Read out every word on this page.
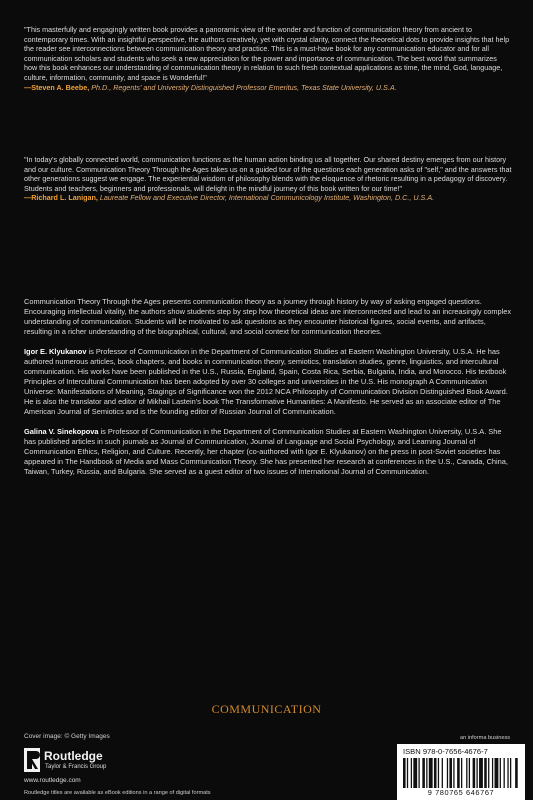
"This masterfully and engagingly written book provides a panoramic view of the wonder and function of communication theory from ancient to contemporary times. With an insightful perspective, the authors creatively, yet with crystal clarity, connect the theoretical dots to provide insights that help the reader see interconnections between communication theory and practice. This is a must-have book for any communication educator and for all communication scholars and students who seek a new appreciation for the power and importance of communication. The best word that summarizes how this book enhances our understanding of communication theory in relation to such fresh contextual applications as time, the mind, God, language, culture, information, community, and space is Wonderful!"
—Steven A. Beebe, Ph.D., Regents' and University Distinguished Professor Emeritus, Texas State University, U.S.A.

"In today's globally connected world, communication functions as the human action binding us all together. Our shared destiny emerges from our history and our culture. Communication Theory Through the Ages takes us on a guided tour of the questions each generation asks of "self," and the answers that other generations suggest we engage. The experiential wisdom of philosophy blends with the eloquence of rhetoric resulting in a pedagogy of discovery. Students and teachers, beginners and professionals, will delight in the mindful journey of this book written for our time!"
—Richard L. Lanigan, Laureate Fellow and Executive Director, International Communicology Institute, Washington, D.C., U.S.A.

Communication Theory Through the Ages presents communication theory as a journey through history by way of asking engaged questions. Encouraging intellectual vitality, the authors show students step by step how theoretical ideas are interconnected and lead to an increasingly complex understanding of communication. Students will be motivated to ask questions as they encounter historical figures, social events, and artifacts, resulting in a richer understanding of the biographical, cultural, and social context for communication theories.

Igor E. Klyukanov is Professor of Communication in the Department of Communication Studies at Eastern Washington University, U.S.A. He has authored numerous articles, book chapters, and books in communication theory, semiotics, translation studies, genre, linguistics, and intercultural communication. His works have been published in the U.S., Russia, England, Spain, Costa Rica, Serbia, Bulgaria, India, and Morocco. His textbook Principles of Intercultural Communication has been adopted by over 30 colleges and universities in the U.S. His monograph A Communication Universe: Manifestations of Meaning, Stagings of Significance won the 2012 NCA Philosophy of Communication Division Distinguished Book Award. He is also the translator and editor of Mikhail Lastein's book The Transformative Humanities: A Manifesto. He served as an associate editor of The American Journal of Semiotics and is the founding editor of Russian Journal of Communication.

Galina V. Sinekopova is Professor of Communication in the Department of Communication Studies at Eastern Washington University, U.S.A. She has published articles in such journals as Journal of Communication, Journal of Language and Social Psychology, and Learning Journal of Communication Ethics, Religion, and Culture. Recently, her chapter (co-authored with Igor E. Klyukanov) on the press in post-Soviet societies has appeared in The Handbook of Media and Mass Communication Theory. She has presented her research at conferences in the U.S., Canada, China, Taiwan, Turkey, Russia, and Bulgaria. She served as a guest editor of two issues of International Journal of Communication.

COMMUNICATION
Cover image: © Getty Images	an informa business
Routledge
Taylor & Francis Group
www.routledge.com
Routledge titles are available as eBook editions in a range of digital formats
ISBN 978-0-7656-4676-7
9 780765 646767
